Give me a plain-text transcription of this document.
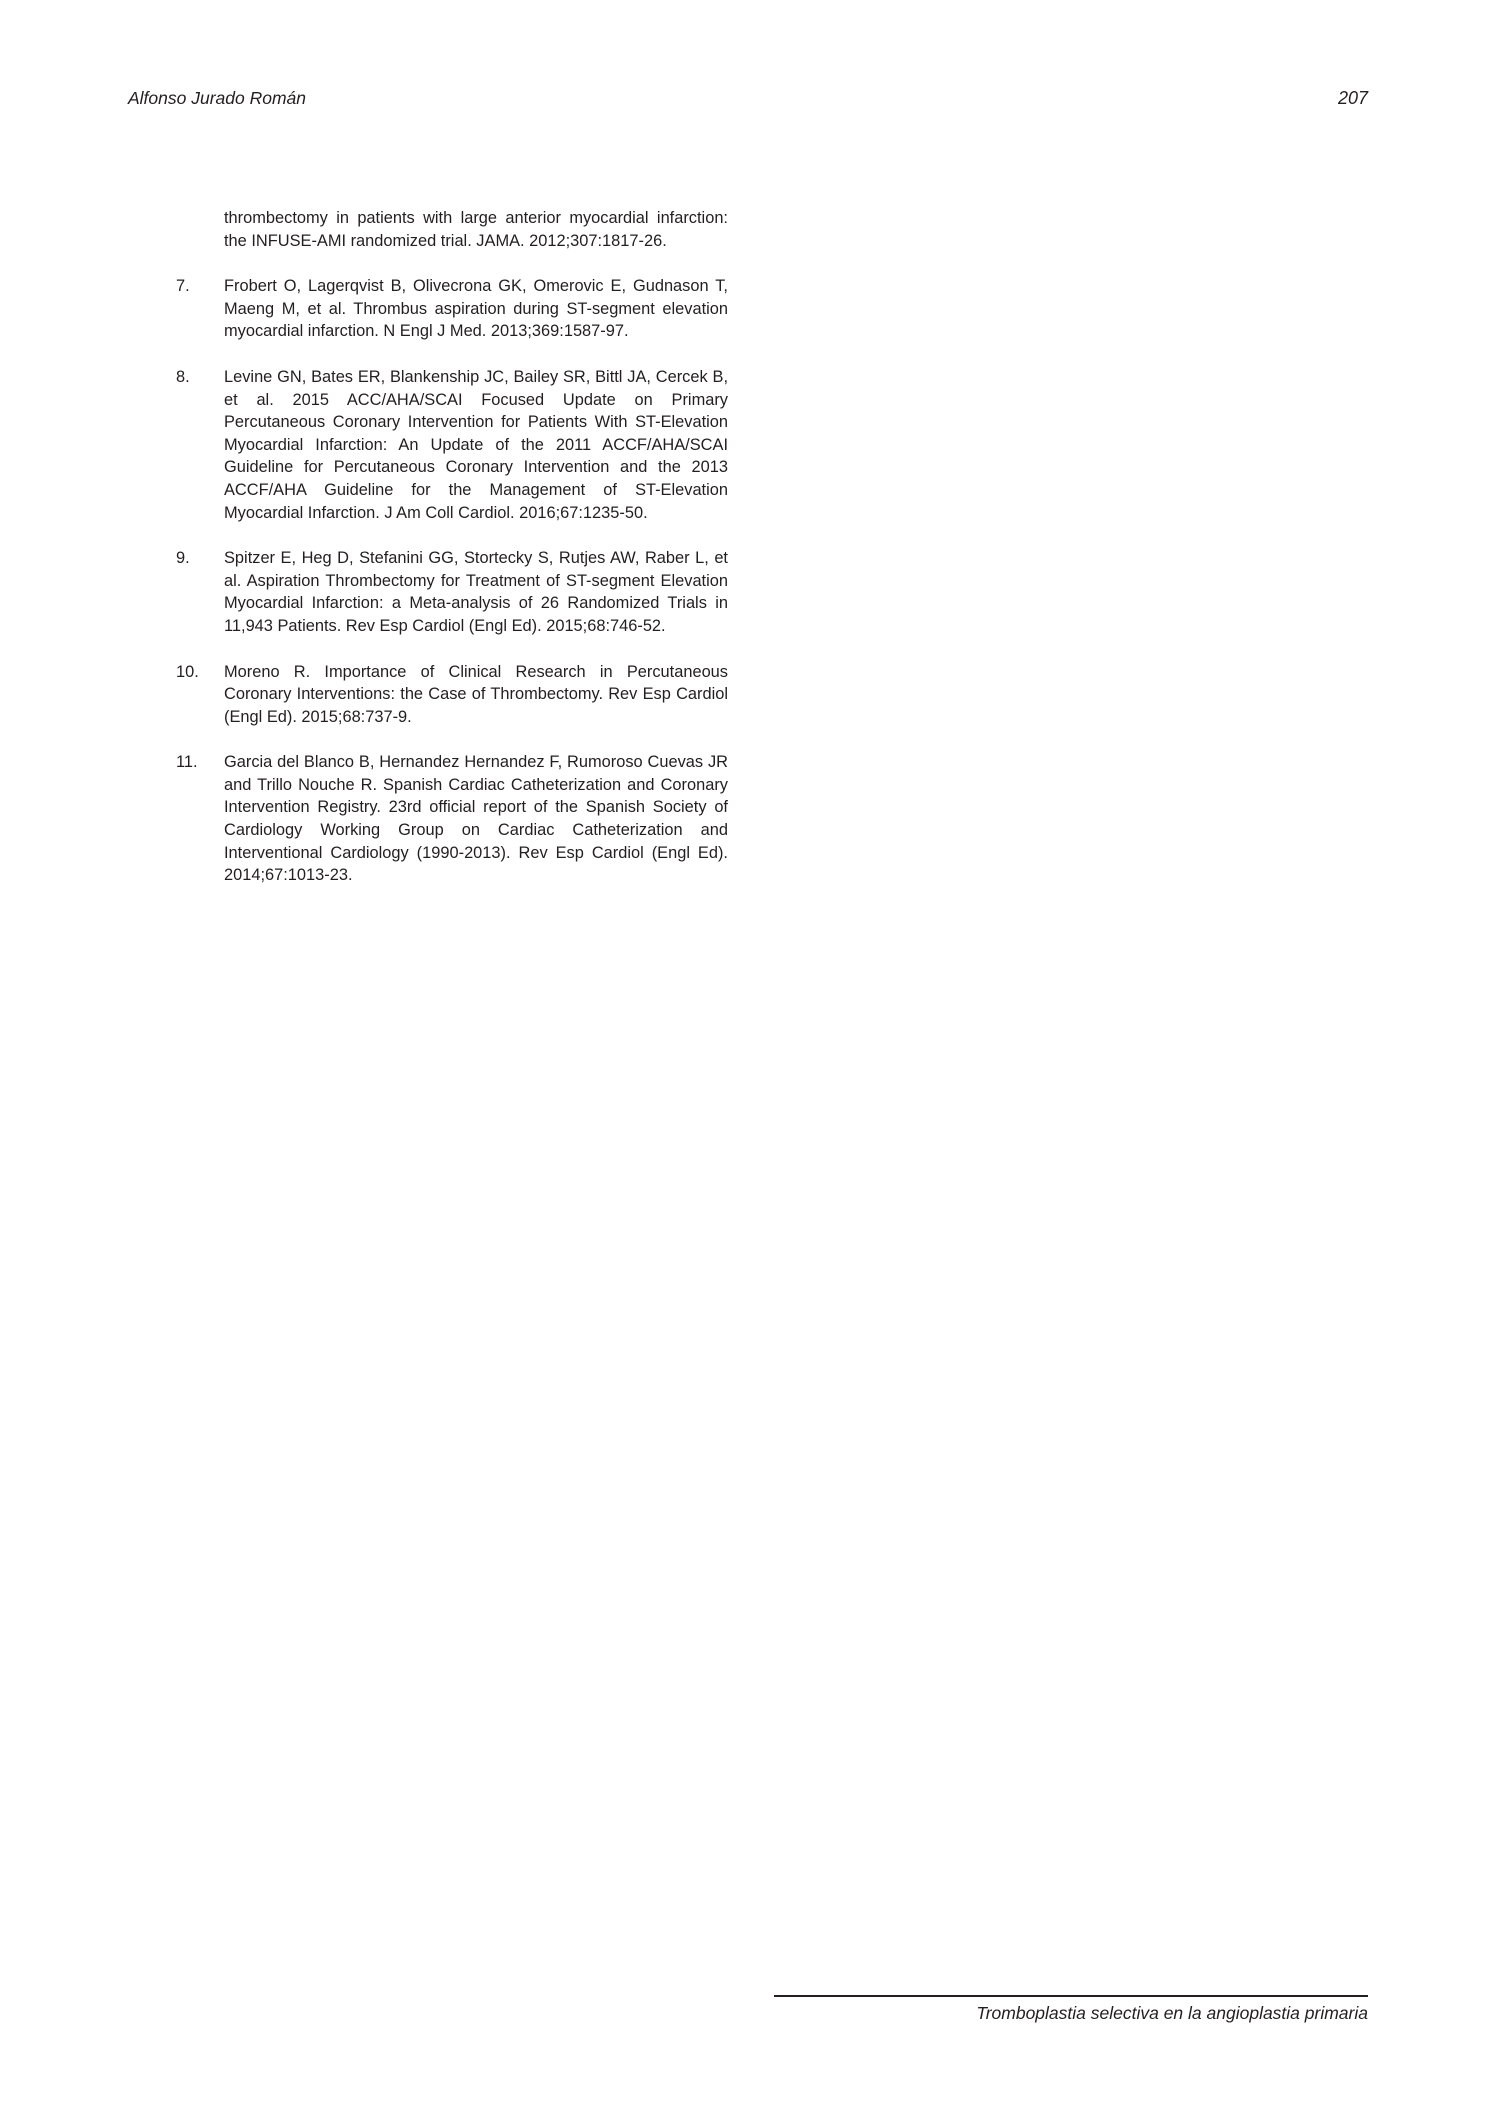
Alfonso Jurado Román	207
thrombectomy in patients with large anterior myocardial infarction: the INFUSE-AMI randomized trial. JAMA. 2012;307:1817-26.
7.	Frobert O, Lagerqvist B, Olivecrona GK, Omerovic E, Gudnason T, Maeng M, et al. Thrombus aspiration during ST-segment elevation myocardial infarction. N Engl J Med. 2013;369:1587-97.
8.	Levine GN, Bates ER, Blankenship JC, Bailey SR, Bittl JA, Cercek B, et al. 2015 ACC/AHA/SCAI Focused Update on Primary Percutaneous Coronary Intervention for Patients With ST-Elevation Myocardial Infarction: An Update of the 2011 ACCF/AHA/SCAI Guideline for Percutaneous Coronary Intervention and the 2013 ACCF/AHA Guideline for the Management of ST-Elevation Myocardial Infarction. J Am Coll Cardiol. 2016;67:1235-50.
9.	Spitzer E, Heg D, Stefanini GG, Stortecky S, Rutjes AW, Raber L, et al. Aspiration Thrombectomy for Treatment of ST-segment Elevation Myocardial Infarction: a Meta-analysis of 26 Randomized Trials in 11,943 Patients. Rev Esp Cardiol (Engl Ed). 2015;68:746-52.
10.	Moreno R. Importance of Clinical Research in Percutaneous Coronary Interventions: the Case of Thrombectomy. Rev Esp Cardiol (Engl Ed). 2015;68:737-9.
11.	Garcia del Blanco B, Hernandez Hernandez F, Rumoroso Cuevas JR and Trillo Nouche R. Spanish Cardiac Catheterization and Coronary Intervention Registry. 23rd official report of the Spanish Society of Cardiology Working Group on Cardiac Catheterization and Interventional Cardiology (1990-2013). Rev Esp Cardiol (Engl Ed). 2014;67:1013-23.
Tromboplastia selectiva en la angioplastia primaria
